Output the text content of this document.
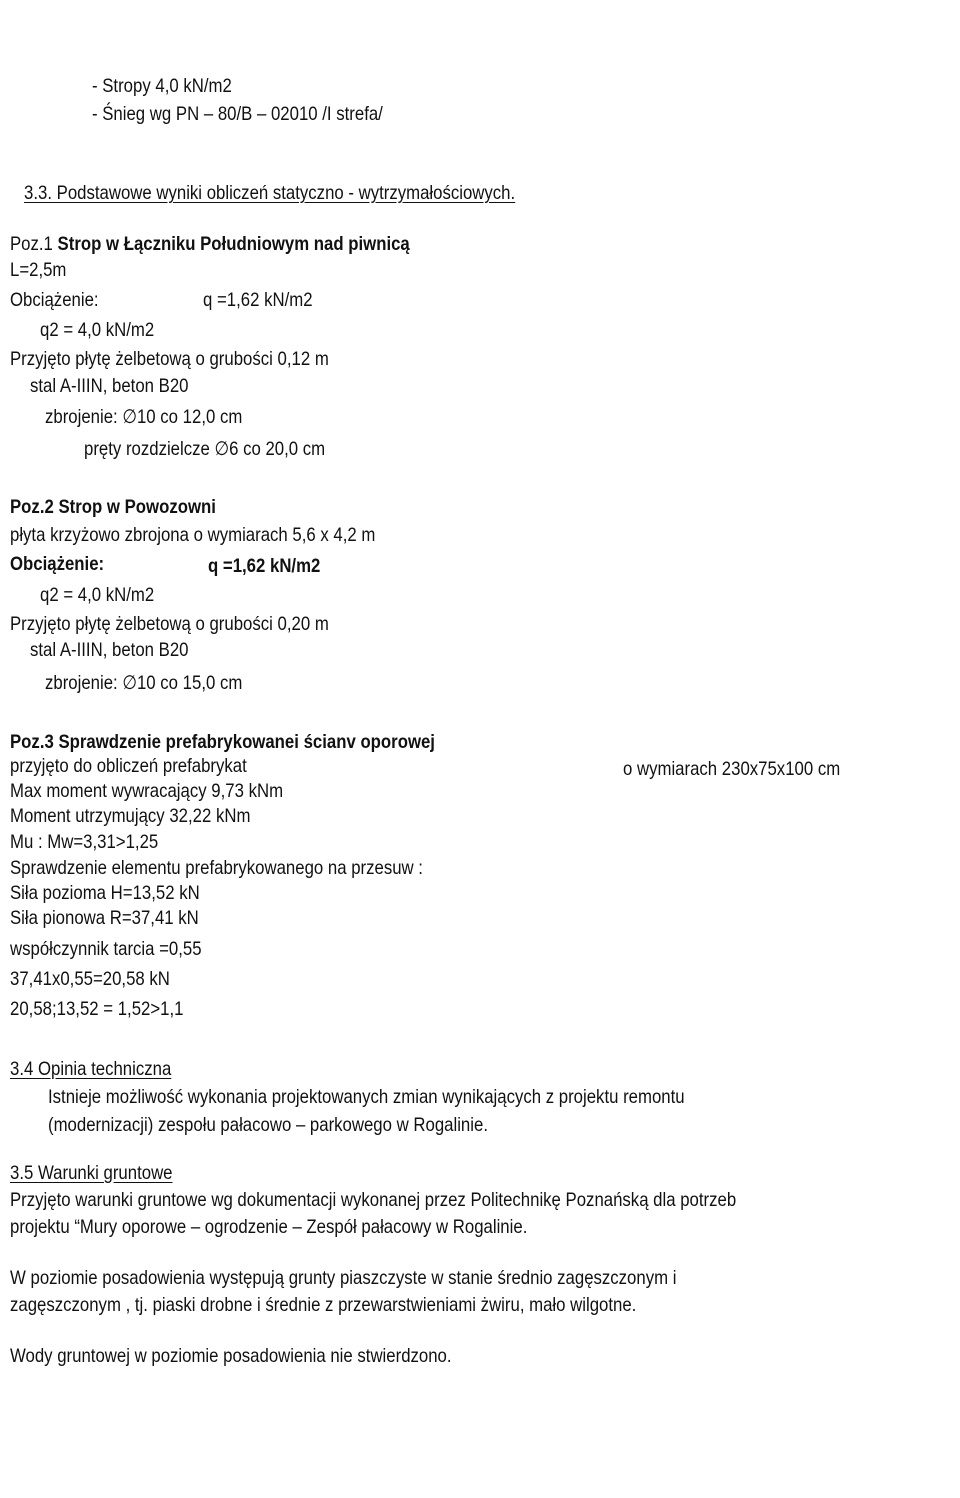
- Stropy 4,0 kN/m2
- Śnieg wg PN – 80/B – 02010 /I strefa/
3.3. Podstawowe wyniki obliczeń statyczno - wytrzymałościowych.
Poz.1 Strop w Łączniku Południowym nad piwnicą
L=2,5m
Obciążenie:	q =1,62 kN/m2
q2 = 4,0 kN/m2
Przyjęto płytę żelbetową o grubości 0,12 m
stal A-IIIN, beton B20
zbrojenie: ∅10 co 12,0 cm
pręty rozdzielcze ∅6 co 20,0 cm
Poz.2 Strop w Powozowni
płyta krzyżowo zbrojona o wymiarach 5,6 x 4,2 m
Obciążenie:	q =1,62 kN/m2
q2 = 4,0 kN/m2
Przyjęto płytę żelbetową o grubości 0,20 m
stal A-IIIN, beton B20
zbrojenie: ∅10 co 15,0 cm
Poz.3 Sprawdzenie prefabrykowanei ścianv oporowej
przyjęto do obliczeń prefabrykat	o wymiarach 230x75x100 cm
Max moment wywracający 9,73 kNm
Moment utrzymujący 32,22 kNm
Mu : Mw=3,31>1,25
Sprawdzenie elementu prefabrykowanego na przesuw :
Siła pozioma H=13,52 kN
Siła pionowa R=37,41 kN
współczynnik tarcia =0,55
37,41x0,55=20,58 kN
20,58;13,52 = 1,52>1,1
3.4 Opinia techniczna
Istnieje możliwość wykonania projektowanych zmian wynikających z projektu remontu
(modernizacji) zespołu pałacowo – parkowego w Rogalinie.
3.5 Warunki gruntowe
Przyjęto warunki gruntowe wg dokumentacji wykonanej przez Politechnikę Poznańską dla potrzeb
projektu “Mury oporowe – ogrodzenie – Zespół pałacowy w Rogalinie.
W poziomie posadowienia występują grunty piaszczyste w stanie średnio zagęszczonym i
zagęszczonym , tj. piaski drobne i średnie z przewarstwieniami żwiru, mało wilgotne.
Wody gruntowej w poziomie posadowienia nie stwierdzono.
